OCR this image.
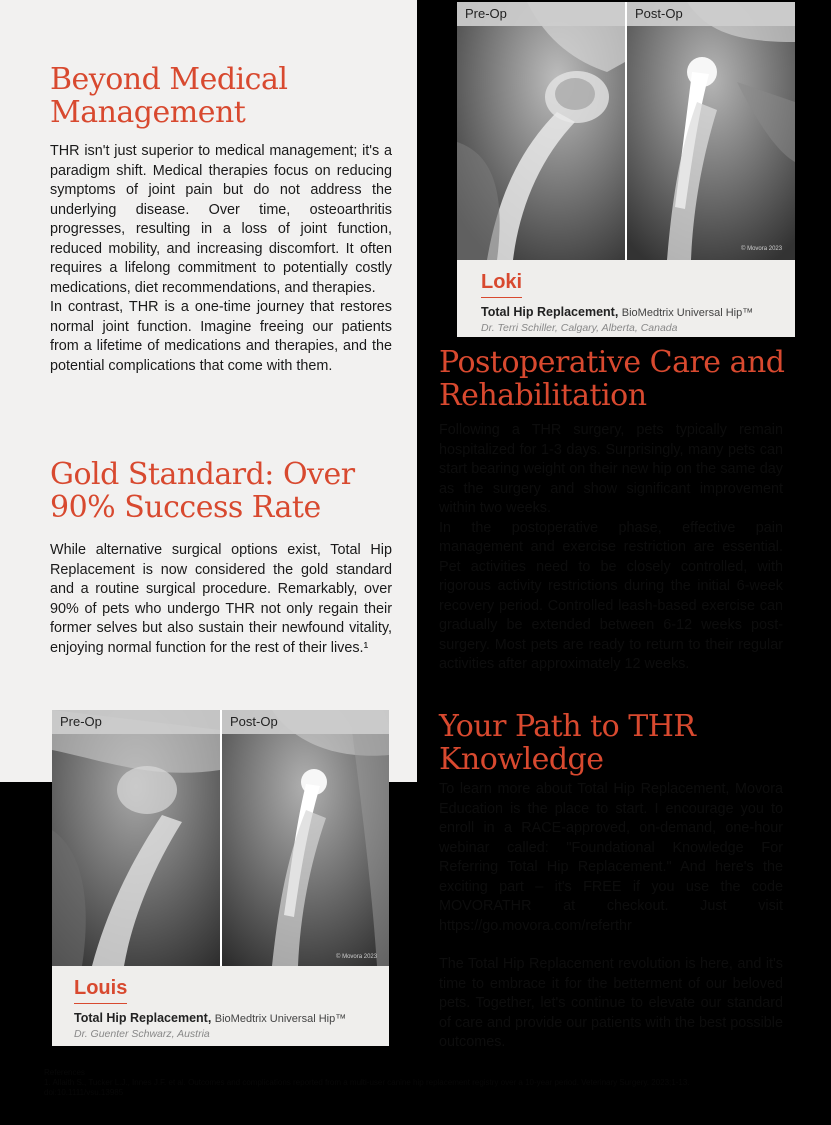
Beyond Medical
Management

THR isn't just superior to medical management; it's a paradigm shift. Medical therapies focus on reducing symptoms of joint pain but do not address the underlying disease. Over time, osteoarthritis progresses, resulting in a loss of joint function, reduced mobility, and increasing discomfort. It often requires a lifelong commitment to potentially costly medications, diet recommendations, and therapies.

In contrast, THR is a one-time journey that restores normal joint function. Imagine freeing our patients from a lifetime of medications and therapies, and the potential complications that come with them.

Gold Standard: Over
90% Success Rate

While alternative surgical options exist, Total Hip Replacement is now considered the gold standard and a routine surgical procedure. Remarkably, over 90% of pets who undergo THR not only regain their former selves but also sustain their newfound vitality, enjoying normal function for the rest of their lives.¹

Pre-Op	Post-Op
© Movora 2023
Loki
Total Hip Replacement, BioMedtrix Universal Hip™
Dr. Terri Schiller, Calgary, Alberta, Canada
Pre-Op	Post-Op
© Movora 2023
Louis
Total Hip Replacement, BioMedtrix Universal Hip™
Dr. Guenter Schwarz, Austria
Postoperative Care and
Rehabilitation

Following a THR surgery, pets typically remain hospitalized for 1-3 days. Surprisingly, many pets can start bearing weight on their new hip on the same day as the surgery and show significant improvement within two weeks.

In the postoperative phase, effective pain management and exercise restriction are essential. Pet activities need to be closely controlled, with rigorous activity restrictions during the initial 6-week recovery period. Controlled leash-based exercise can gradually be extended between 6-12 weeks post-surgery. Most pets are ready to return to their regular activities after approximately 12 weeks.

Your Path to THR
Knowledge

To learn more about Total Hip Replacement, Movora Education is the place to start. I encourage you to enroll in a RACE-approved, on-demand, one-hour webinar called: "Foundational Knowledge For Referring Total Hip Replacement." And here's the exciting part – it's FREE if you use the code MOVORATHR at checkout. Just visit https://go.movora.com/referthr

The Total Hip Replacement revolution is here, and it's time to embrace it for the betterment of our beloved pets. Together, let's continue to elevate our standard of care and provide our patients with the best possible outcomes.

References
1. Allaith S., Tucker L.J., Innes J.F. et al. Outcomes and complications reported from a multi-user canine hip replacement registry over a 10-year period. Veterinary Surgery. 2023;1-13. doi:10.1111/vsu.13985
